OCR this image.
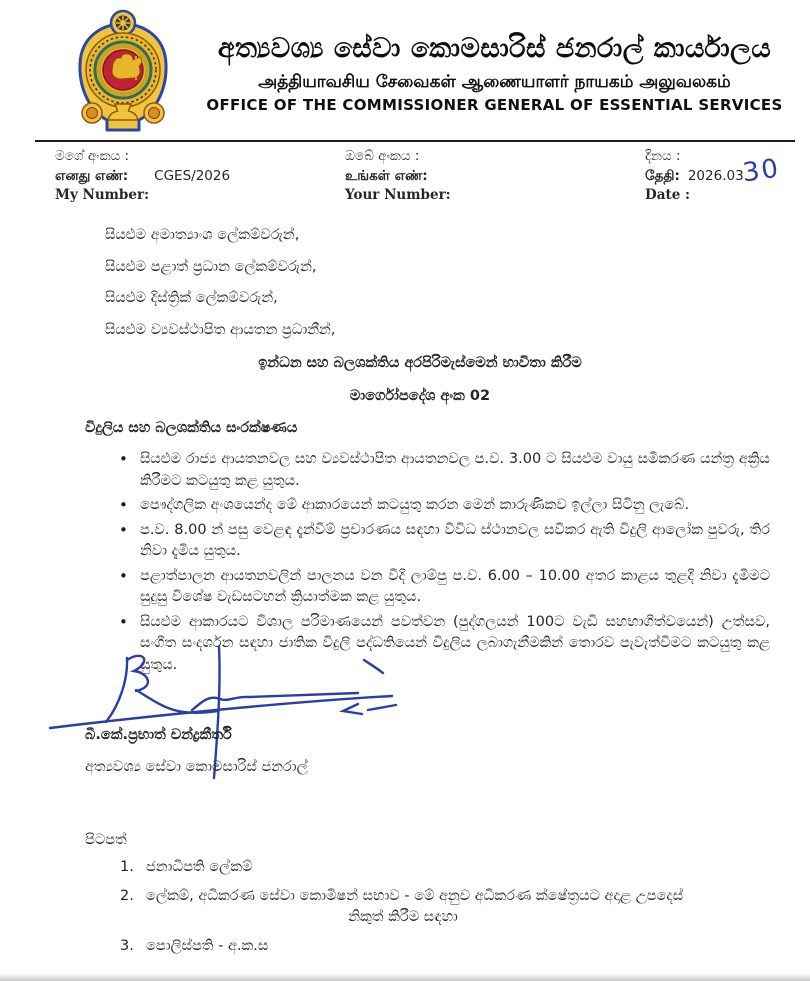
අත්‍යවශ්‍ය සේවා කොමසාරිස් ජනරාල් කාර්යාලය
அத்தியாவசிய சேவைகள் ஆணையாளர் நாயகம் அலுவலகம்
OFFICE OF THE COMMISSIONER GENERAL OF ESSENTIAL SERVICES
මගේ අංකය :
எனது எண்: CGES/2026
My Number:
ඔබේ අංකය :
உங்கள் எண்:
Your Number:
දිනය :
தேதி: 2026.03.
Date :
30
සියළුම අමාත්‍යාංශ ලේකම්වරුන්,
සියළුම පළාත් ප්‍රධාන ලේකම්වරුන්,
සියළුම දිස්ත්‍රික් ලේකම්වරුන්,
සියළුම ව්‍යවස්ථාපිත ආයතන ප්‍රධානීන්,
ඉන්ධන සහ බලශක්තිය අරපිරිමැස්මෙන් භාවිතා කිරීම
මාර්ගෝපදේශ අංක 02
විදුලිය සහ බලශක්තිය සංරක්ෂණය
• සියළුම රාජ්‍ය ආයතනවල සහ ව්‍යවස්ථාපිත ආයතනවල ප.ව. 3.00 ට සියළුම වායු සමීකරණ යන්ත්‍ර අක්‍රිය කිරීමට කටයුතු කළ යුතුය.
• පෞද්ගලික අංශයෙන්ද මේ ආකාරයෙන් කටයුතු කරන මෙන් කාරුණිකව ඉල්ලා සිටිනු ලැබේ.
• ප.ව. 8.00 න් පසු වෙළඳ දැන්වීම් ප්‍රචාරණය සඳහා විවිධ ස්ථානවල සවිකර ඇති විදුලි ආලෝක පුවරු, තිර නිවා දැමිය යුතුය.
• පළාත්පාලන ආයතනවලින් පාලනය වන වීදි ලාම්පු ප.ව. 6.00 – 10.00 අතර කාළය තුළදී නිවා දැමීමට සුදුසු විශේෂ වැඩසටහන් ක්‍රියාත්මක කළ යුතුය.
• සියළුම ආකාරයට විශාල පරිමාණයෙන් පවත්වන (පුද්ගලයන් 100ට වැඩි සහභාගිත්වයෙන්) උත්සව, සංගීත සංදර්ශන සඳහා ජාතික විදුලි පද්ධතියෙන් විදුලිය ලබාගැනීමකින් තොරව පැවැත්වීමට කටයුතු කළ යුතුය.
බී.කේ.ප්‍රභාත් චන්ද්‍රකීර්ති
අත්‍යවශ්‍ය සේවා කොමසාරිස් ජනරාල්
පිටපත්
1. ජනාධිපති ලේකම්
2. ලේකම්, අධිකරණ සේවා කොමිෂන් සභාව - මේ අනුව අධිකරණ ක්ෂේත්‍රයට අදාළ උපදෙස්
නිකුත් කිරීම සඳහා
3. පොලිස්පති - අ.ක.ස
